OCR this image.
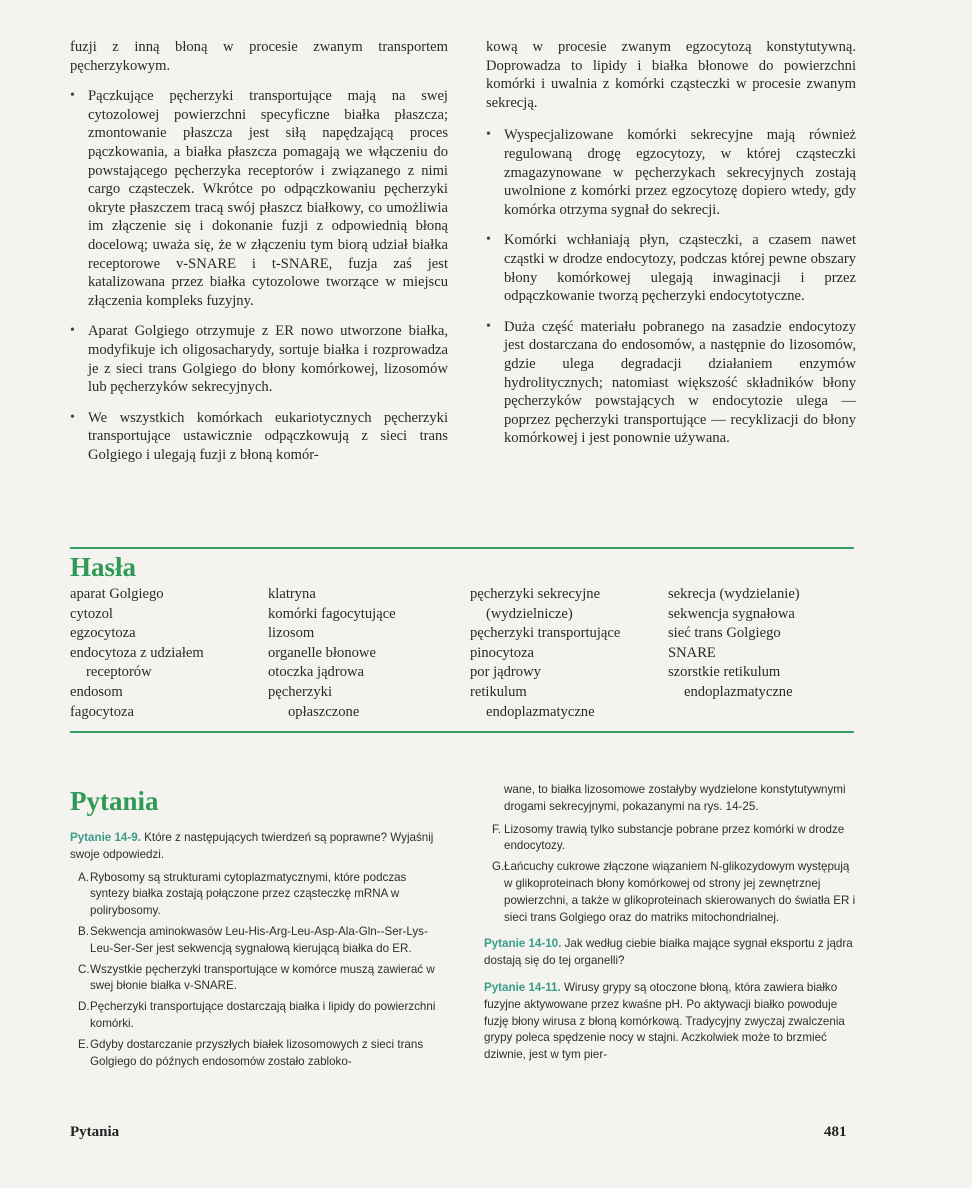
fuzji z inną błoną w procesie zwanym transportem pęcherzykowym.

• Pączkujące pęcherzyki transportujące mają na swej cytozolowej powierzchni specyficzne białka płaszcza; zmontowanie płaszcza jest siłą napędzającą proces pączkowania, a białka płaszcza pomagają we włączeniu do powstającego pęcherzyka receptorów i związanego z nimi cargo cząsteczek. Wkrótce po odpączkowaniu pęcherzyki okryte płaszczem tracą swój płaszcz białkowy, co umożliwia im złączenie się i dokonanie fuzji z odpowiednią błoną docelową; uważa się, że w złączeniu tym biorą udział białka receptorowe v-SNARE i t-SNARE, fuzja zaś jest katalizowana przez białka cytozolowe tworzące w miejscu złączenia kompleks fuzyjny.
• Aparat Golgiego otrzymuje z ER nowo utworzone białka, modyfikuje ich oligosacharydy, sortuje białka i rozprowadza je z sieci trans Golgiego do błony komórkowej, lizosomów lub pęcherzyków sekrecyjnych.
• We wszystkich komórkach eukariotycznych pęcherzyki transportujące ustawicznie odpączkowują z sieci trans Golgiego i ulegają fuzji z błoną komór-
kową w procesie zwanym egzocytozą konstytutywną. Doprowadza to lipidy i białka błonowe do powierzchni komórki i uwalnia z komórki cząsteczki w procesie zwanym sekrecją.
• Wyspecjalizowane komórki sekrecyjne mają również regulowaną drogę egzocytozy, w której cząsteczki zmagazynowane w pęcherzykach sekrecyjnych zostają uwolnione z komórki przez egzocytozę dopiero wtedy, gdy komórka otrzyma sygnał do sekrecji.
• Komórki wchłaniają płyn, cząsteczki, a czasem nawet cząstki w drodze endocytozy, podczas której pewne obszary błony komórkowej ulegają inwaginacji i przez odpączkowanie tworzą pęcherzyki endocytotyczne.
• Duża część materiału pobranego na zasadzie endocytozy jest dostarczana do endosomów, a następnie do lizosomów, gdzie ulega degradacji działaniem enzymów hydrolitycznych; natomiast większość składników błony pęcherzyków powstających w endocytozie ulega — poprzez pęcherzyki transportujące — recyklizacji do błony komórkowej i jest ponownie używana.
Hasła
aparat Golgiego
cytozol
egzocytoza
endocytoza z udziałem
receptorów
endosom
fagocytoza
klatryna
komórki fagocytujące
lizosom
organelle błonowe
otoczka jądrowa
pęcherzyki
opłaszczone
pęcherzyki sekrecyjne
(wydzielnicze)
pęcherzyki transportujące
pinocytoza
por jądrowy
retikulum
endoplazmatyczne
sekrecja (wydzielanie)
sekwencja sygnałowa
sieć trans Golgiego
SNARE
szorstkie retikulum
endoplazmatyczne
Pytania

Pytanie 14-9. Które z następujących twierdzeń są poprawne? Wyjaśnij swoje odpowiedzi.

A. Rybosomy są strukturami cytoplazmatycznymi, które podczas syntezy białka zostają połączone przez cząsteczkę mRNA w polirybosomy.
B. Sekwencja aminokwasów Leu-His-Arg-Leu-Asp-Ala-Gln--Ser-Lys-Leu-Ser-Ser jest sekwencją sygnałową kierującą białka do ER.
C. Wszystkie pęcherzyki transportujące w komórce muszą zawierać w swej błonie białka v-SNARE.
D. Pęcherzyki transportujące dostarczają białka i lipidy do powierzchni komórki.
E. Gdyby dostarczanie przyszłych białek lizosomowych z sieci trans Golgiego do późnych endosomów zostało zabloko-

wane, to białka lizosomowe zostałyby wydzielone konstytutywnymi drogami sekrecyjnymi, pokazanymi na rys. 14-25.

F. Lizosomy trawią tylko substancje pobrane przez komórki w drodze endocytozy.
G. Łańcuchy cukrowe złączone wiązaniem N-glikozydowym występują w glikoproteinach błony komórkowej od strony jej zewnętrznej powierzchni, a także w glikoproteinach skierowanych do światła ER i sieci trans Golgiego oraz do matriks mitochondrialnej.

Pytanie 14-10. Jak według ciebie białka mające sygnał eksportu z jądra dostają się do tej organelli?

Pytanie 14-11. Wirusy grypy są otoczone błoną, która zawiera białko fuzyjne aktywowane przez kwaśne pH. Po aktywacji białko powoduje fuzję błony wirusa z błoną komórkową. Tradycyjny zwyczaj zwalczenia grypy poleca spędzenie nocy w stajni. Aczkolwiek może to brzmieć dziwnie, jest w tym pier-

Pytania	481
